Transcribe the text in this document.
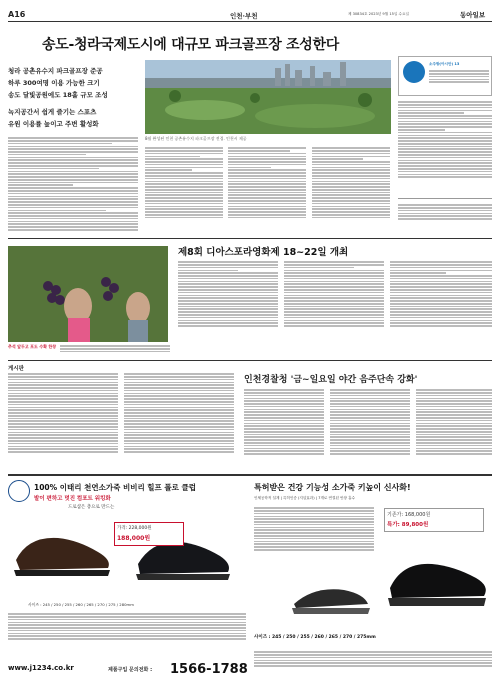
A16	인천·부천	제 30834호 2023년 9월 15일 수요일	동아일보
송도-청라국제도시에 대규모 파크골프장 조성한다
청라 공촌유수지 파크골프장 준공
하루 300여명 이용 가능한 크기
송도 달빛공원에도 18홀 규모 조성
녹지공간서 쉽게 즐기는 스포츠
유원 이용률 높이고 주변 활성화
8월 완성된 인천 공촌유수지 파크골프장 전경. 인천시 제공
소주방(아시안) 13
제8회 디아스포라영화제 18~22일 개최
추석 앞두고 포도 수확 한창
게시판
인천경찰청 '금~일요일 야간 음주단속 강화'
100% 이태리 천연소가죽 비비리 힐프 폴로 클럽
발이 편하고 멋진 컴포트 워킹화
드로샵은 총으로 만드는
가격: 228,000원
188,000원
사이즈 : 245 / 250 / 255 / 260 / 265 / 270 / 275 / 280mm
www.j1234.co.kr	제품구입 문의전화 : 1566-1788
특허받은 건강 기능성 소가죽 키높이 신사화!
인체공학적 설계 | 특허인증 (지압효과) | 7개로 연결된 안창 흡수
기존가: 168,000원
특가: 89,800원
사이즈 : 245 / 250 / 255 / 260 / 265 / 270 / 275mm
